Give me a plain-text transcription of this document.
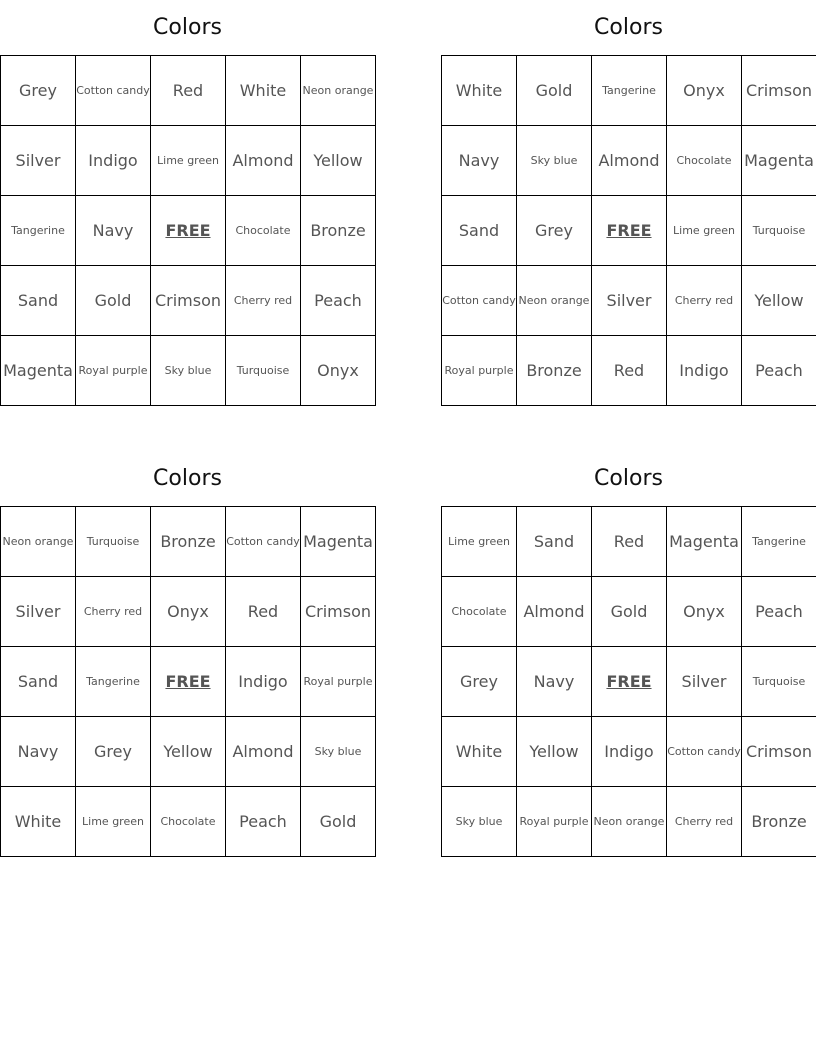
Colors
Grey	Cotton candy	Red	White	Neon orange
Silver	Indigo	Lime green	Almond	Yellow
Tangerine	Navy	FREE	Chocolate	Bronze
Sand	Gold	Crimson	Cherry red	Peach
Magenta	Royal purple	Sky blue	Turquoise	Onyx
Colors
White	Gold	Tangerine	Onyx	Crimson
Navy	Sky blue	Almond	Chocolate	Magenta
Sand	Grey	FREE	Lime green	Turquoise
Cotton candy	Neon orange	Silver	Cherry red	Yellow
Royal purple	Bronze	Red	Indigo	Peach
Colors
Neon orange	Turquoise	Bronze	Cotton candy	Magenta
Silver	Cherry red	Onyx	Red	Crimson
Sand	Tangerine	FREE	Indigo	Royal purple
Navy	Grey	Yellow	Almond	Sky blue
White	Lime green	Chocolate	Peach	Gold
Colors
Lime green	Sand	Red	Magenta	Tangerine
Chocolate	Almond	Gold	Onyx	Peach
Grey	Navy	FREE	Silver	Turquoise
White	Yellow	Indigo	Cotton candy	Crimson
Sky blue	Royal purple	Neon orange	Cherry red	Bronze
